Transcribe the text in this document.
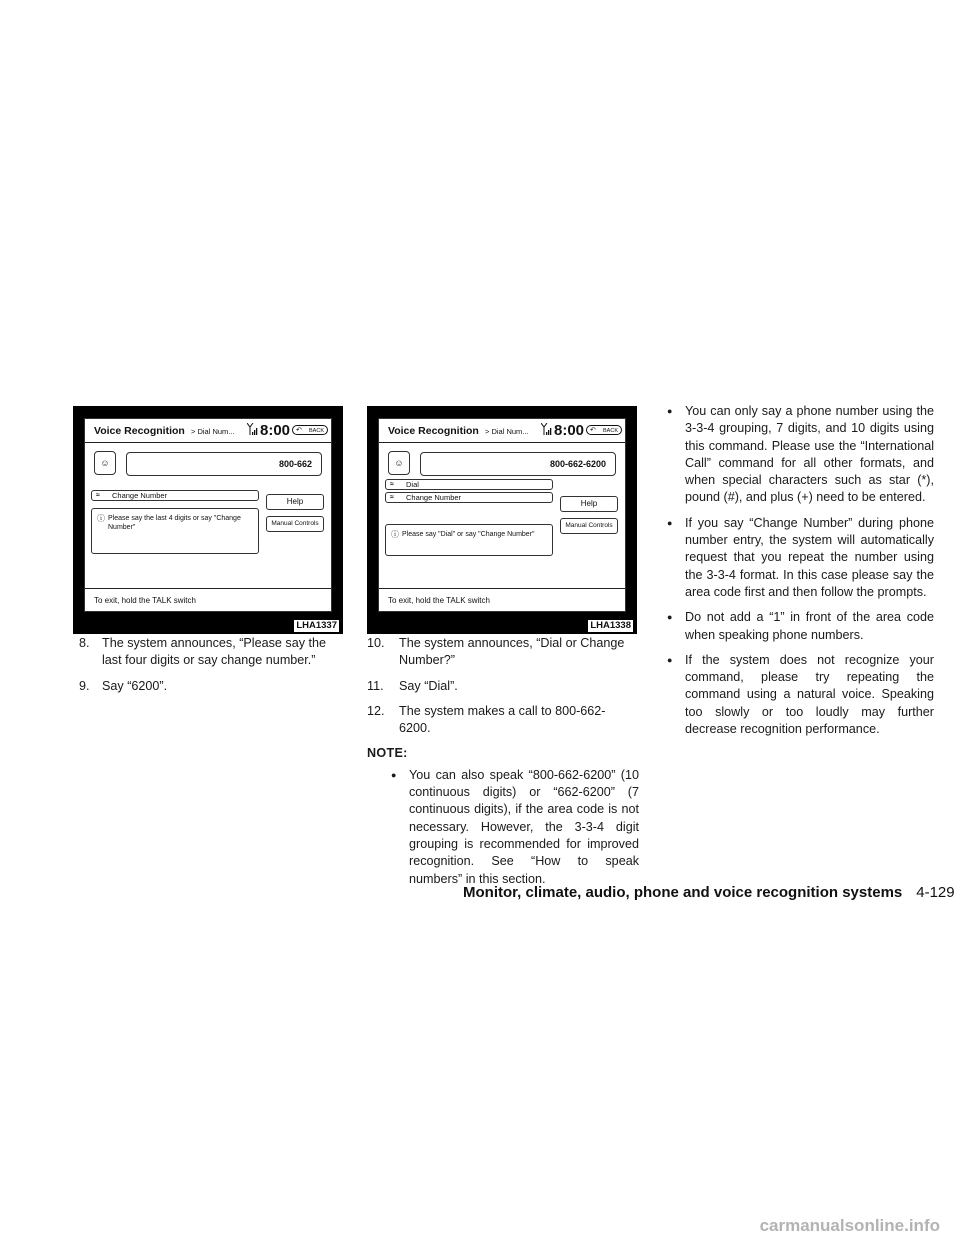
Voice Recognition > Dial Num... 8:00	↶ BACK
☺	800-662
≈ Change Number
ⓘ Please say the last 4 digits or say "Change Number"
Help
Manual Controls
To exit, hold the TALK switch
LHA1337
Voice Recognition > Dial Num... 8:00	↶ BACK
☺	800-662-6200
≈ Dial
≈ Change Number
ⓘ Please say "Dial" or say "Change Number"
Help
Manual Controls
To exit, hold the TALK switch
LHA1338
8. The system announces, “Please say the last four digits or say change number.”
9. Say “6200”.
10. The system announces, “Dial or Change Number?”
11. Say “Dial”.
12. The system makes a call to 800-662- 6200.
NOTE:
● You can also speak “800-662-6200” (10 continuous digits) or “662-6200” (7 continuous digits), if the area code is not necessary. However, the 3-3-4 digit grouping is recommended for improved recognition. See “How to speak numbers” in this section.
● You can only say a phone number using the 3-3-4 grouping, 7 digits, and 10 digits using this command. Please use the “International Call” command for all other formats, and when special characters such as star (*), pound (#), and plus (+) need to be entered.
● If you say “Change Number” during phone number entry, the system will automatically request that you repeat the number using the 3-3-4 format. In this case please say the area code first and then follow the prompts.
● Do not add a “1” in front of the area code when speaking phone numbers.
● If the system does not recognize your command, please try repeating the command using a natural voice. Speaking too slowly or too loudly may further decrease recognition performance.
Monitor, climate, audio, phone and voice recognition systems 4-129
carmanualsonline.info
